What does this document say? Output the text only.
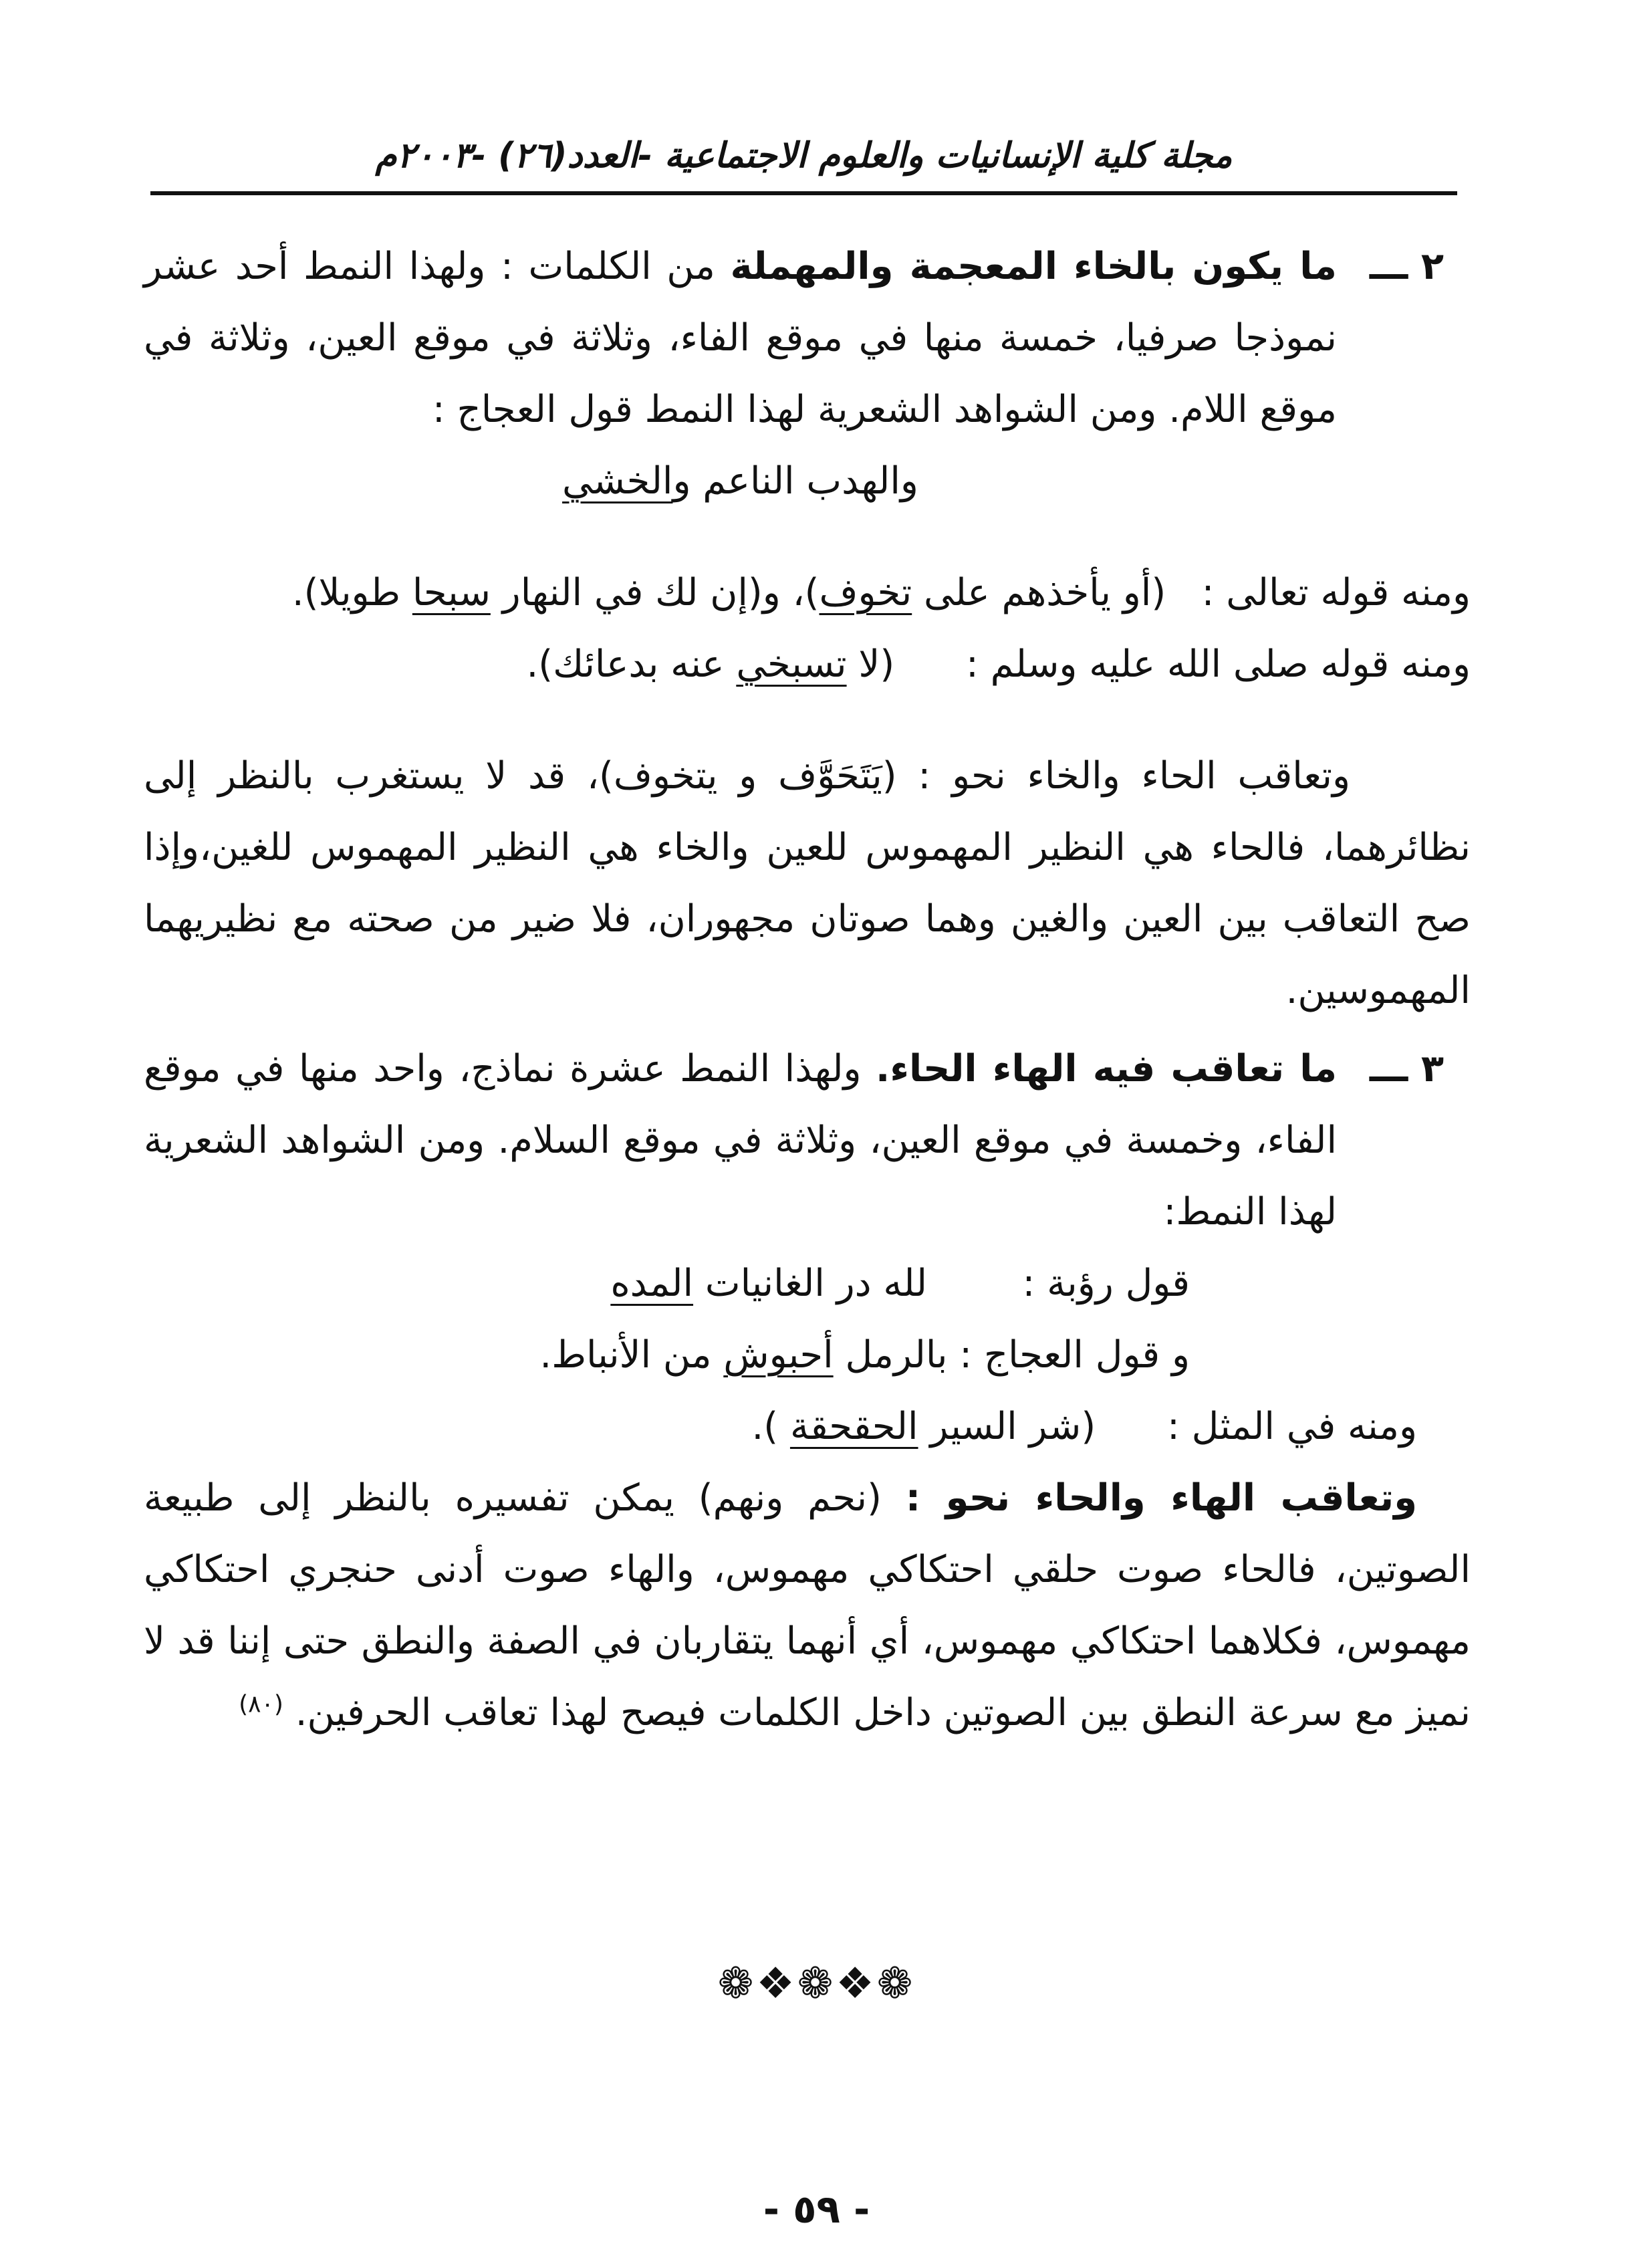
مجلة كلية الإنسانيات والعلوم الاجتماعية -العدد(٢٦) -٢٠٠٣م
٢ ـــ

ما يكون بالخاء المعجمة والمهملة من الكلمات : ولهذا النمط أحد عشر نموذجا صرفيا، خمسة منها في موقع الفاء، وثلاثة في موقع العين، وثلاثة في موقع اللام. ومن الشواهد الشعرية لهذا النمط قول العجاج :

والهدب الناعم والخشي

ومنه قوله تعالى :   (أو يأخذهم على تخوف)، و(إن لك في النهار سبحا طويلا).

ومنه قوله صلى الله عليه وسلم :      (لا تسبخي عنه بدعائك).

وتعاقب الحاء والخاء نحو : (يَتَحَوَّف و يتخوف)، قد لا يستغرب بالنظر إلى نظائرهما، فالحاء هي النظير المهموس للعين والخاء هي النظير المهموس للغين،وإذا صح التعاقب بين العين والغين وهما صوتان مجهوران، فلا ضير من صحته مع نظيريهما المهموسين.

٣ ـــ

ما تعاقب فيه الهاء الحاء. ولهذا النمط عشرة نماذج، واحد منها في موقع الفاء، وخمسة في موقع العين، وثلاثة في موقع السلام. ومن الشواهد الشعرية لهذا النمط:

قول رؤبة :        لله در الغانيات المده

و قول العجاج : بالرمل أحبوش من الأنباط.

ومنه في المثل :      (شر السير الحقحقة ).

وتعاقب الهاء والحاء نحو : (نحم ونهم) يمكن تفسيره بالنظر إلى طبيعة الصوتين، فالحاء صوت حلقي احتكاكي مهموس، والهاء صوت أدنى حنجري احتكاكي مهموس، فكلاهما احتكاكي مهموس، أي أنهما يتقاربان في الصفة والنطق حتى إننا قد لا نميز مع سرعة النطق بين الصوتين داخل الكلمات فيصح لهذا تعاقب الحرفين. $^{(٨٠)}$

❁❖❁❖❁
- ٥٩ -
